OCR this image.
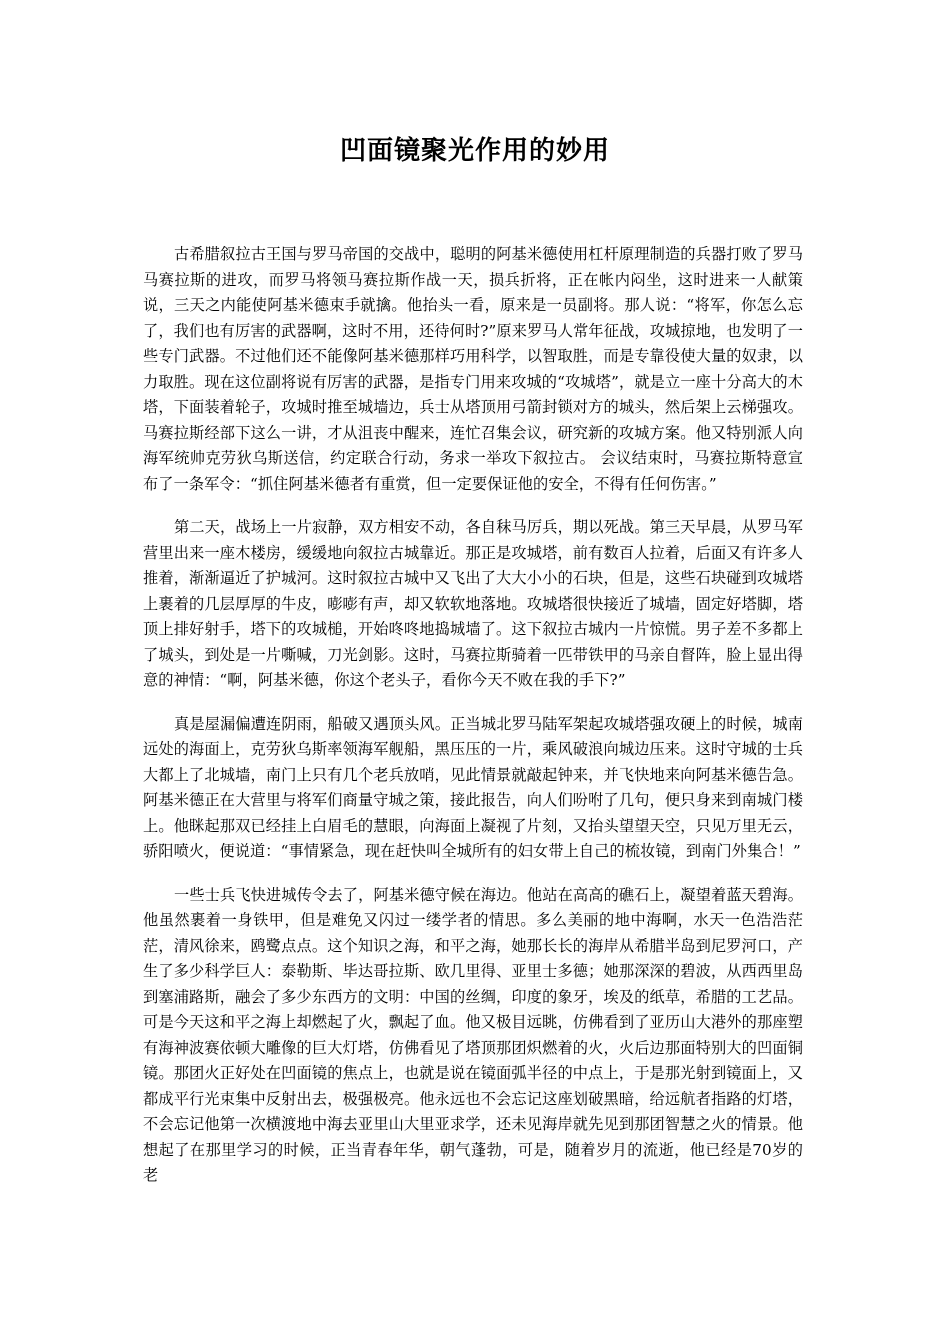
凹面镜聚光作用的妙用

古希腊叙拉古王国与罗马帝国的交战中，聪明的阿基米德使用杠杆原理制造的兵器打败了罗马马赛拉斯的进攻，而罗马将领马赛拉斯作战一天，损兵折将，正在帐内闷坐，这时进来一人献策说，三天之内能使阿基米德束手就擒。他抬头一看，原来是一员副将。那人说：“将军，你怎么忘了，我们也有厉害的武器啊，这时不用，还待何时?”原来罗马人常年征战，攻城掠地，也发明了一些专门武器。不过他们还不能像阿基米德那样巧用科学，以智取胜，而是专靠役使大量的奴隶，以力取胜。现在这位副将说有厉害的武器，是指专门用来攻城的“攻城塔”，就是立一座十分高大的木塔，下面装着轮子，攻城时推至城墙边，兵士从塔顶用弓箭封锁对方的城头，然后架上云梯强攻。马赛拉斯经部下这么一讲，才从沮丧中醒来，连忙召集会议，研究新的攻城方案。他又特别派人向海军统帅克劳狄乌斯送信，约定联合行动，务求一举攻下叙拉古。 会议结束时，马赛拉斯特意宣布了一条军令：“抓住阿基米德者有重赏，但一定要保证他的安全，不得有任何伤害。”

第二天，战场上一片寂静，双方相安不动，各自秣马厉兵，期以死战。第三天早晨，从罗马军营里出来一座木楼房，缓缓地向叙拉古城靠近。那正是攻城塔，前有数百人拉着，后面又有许多人推着，渐渐逼近了护城河。这时叙拉古城中又飞出了大大小小的石块，但是，这些石块碰到攻城塔上裹着的几层厚厚的牛皮，嘭嘭有声，却又软软地落地。攻城塔很快接近了城墙，固定好塔脚，塔顶上排好射手，塔下的攻城槌，开始咚咚地捣城墙了。这下叙拉古城内一片惊慌。男子差不多都上了城头，到处是一片嘶喊，刀光剑影。这时，马赛拉斯骑着一匹带铁甲的马亲自督阵，脸上显出得意的神情：“啊，阿基米德，你这个老头子，看你今天不败在我的手下?”

真是屋漏偏遭连阴雨，船破又遇顶头风。正当城北罗马陆军架起攻城塔强攻硬上的时候，城南远处的海面上，克劳狄乌斯率领海军舰船，黑压压的一片，乘风破浪向城边压来。这时守城的士兵大都上了北城墙，南门上只有几个老兵放哨，见此情景就敲起钟来，并飞快地来向阿基米德告急。阿基米德正在大营里与将军们商量守城之策，接此报告，向人们吩咐了几句，便只身来到南城门楼上。他眯起那双已经挂上白眉毛的慧眼，向海面上凝视了片刻，又抬头望望天空，只见万里无云，骄阳喷火，便说道：“事情紧急，现在赶快叫全城所有的妇女带上自己的梳妆镜，到南门外集合！”

一些士兵飞快进城传令去了，阿基米德守候在海边。他站在高高的礁石上，凝望着蓝天碧海。他虽然裹着一身铁甲，但是难免又闪过一缕学者的情思。多么美丽的地中海啊，水天一色浩浩茫茫，清风徐来，鸥鹭点点。这个知识之海，和平之海，她那长长的海岸从希腊半岛到尼罗河口，产生了多少科学巨人：泰勒斯、毕达哥拉斯、欧几里得、亚里士多德；她那深深的碧波，从西西里岛到塞浦路斯，融会了多少东西方的文明：中国的丝绸，印度的象牙，埃及的纸草，希腊的工艺品。可是今天这和平之海上却燃起了火，飘起了血。他又极目远眺，仿佛看到了亚历山大港外的那座塑有海神波赛依顿大雕像的巨大灯塔，仿佛看见了塔顶那团炽燃着的火，火后边那面特别大的凹面铜镜。那团火正好处在凹面镜的焦点上，也就是说在镜面弧半径的中点上，于是那光射到镜面上，又都成平行光束集中反射出去，极强极亮。他永远也不会忘记这座划破黑暗，给远航者指路的灯塔，不会忘记他第一次横渡地中海去亚里山大里亚求学，还未见海岸就先见到那团智慧之火的情景。他想起了在那里学习的时候，正当青春年华，朝气蓬勃，可是，随着岁月的流逝，他已经是70岁的老
